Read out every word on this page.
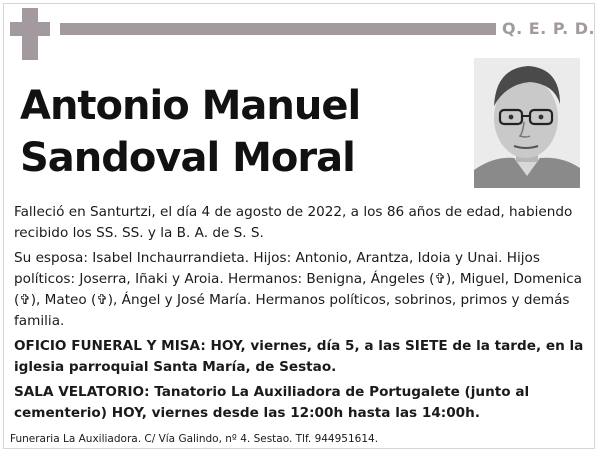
Q. E. P. D.
Antonio Manuel
Sandoval Moral

Falleció en Santurtzi, el día 4 de agosto de 2022, a los 86 años de edad, habiendo recibido los SS. SS. y la B. A. de S. S.

Su esposa: Isabel Inchaurrandieta. Hijos: Antonio, Arantza, Idoia y Unai. Hijos políticos: Joserra, Iñaki y Aroia. Hermanos: Benigna, Ángeles (✞), Miguel, Domenica (✞), Mateo (✞), Ángel y José María. Hermanos políticos, sobrinos, primos y demás familia.

OFICIO FUNERAL Y MISA: HOY, viernes, día 5, a las SIETE de la tarde, en la iglesia parroquial Santa María, de Sestao.

SALA VELATORIO: Tanatorio La Auxiliadora de Portugalete (junto al cementerio) HOY, viernes desde las 12:00h hasta las 14:00h.

Funeraria La Auxiliadora. C/ Vía Galindo, nº 4. Sestao. Tlf. 944951614.
